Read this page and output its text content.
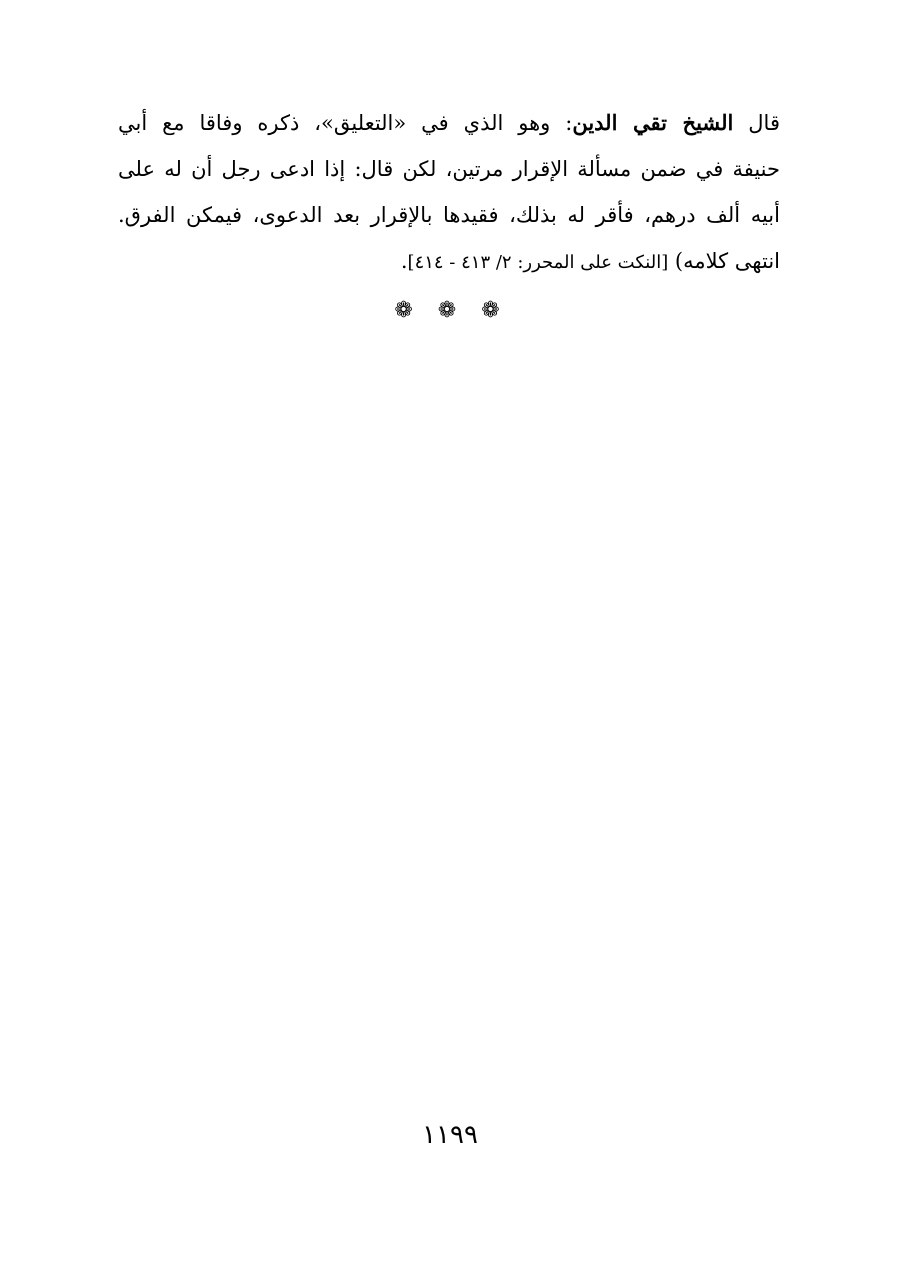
قال الشيخ تقي الدين: وهو الذي في «التعليق»، ذكره وفاقا مع أبي
حنيفة في ضمن مسألة الإقرار مرتين، لكن قال: إذا ادعى رجل أن له على
أبيه ألف درهم، فأقر له بذلك، فقيدها بالإقرار بعد الدعوى، فيمكن الفرق.
انتهى كلامه) [النكت على المحرر: ٢/ ٤١٣ - ٤١٤].
❁ ❁ ❁
١١٩٩
